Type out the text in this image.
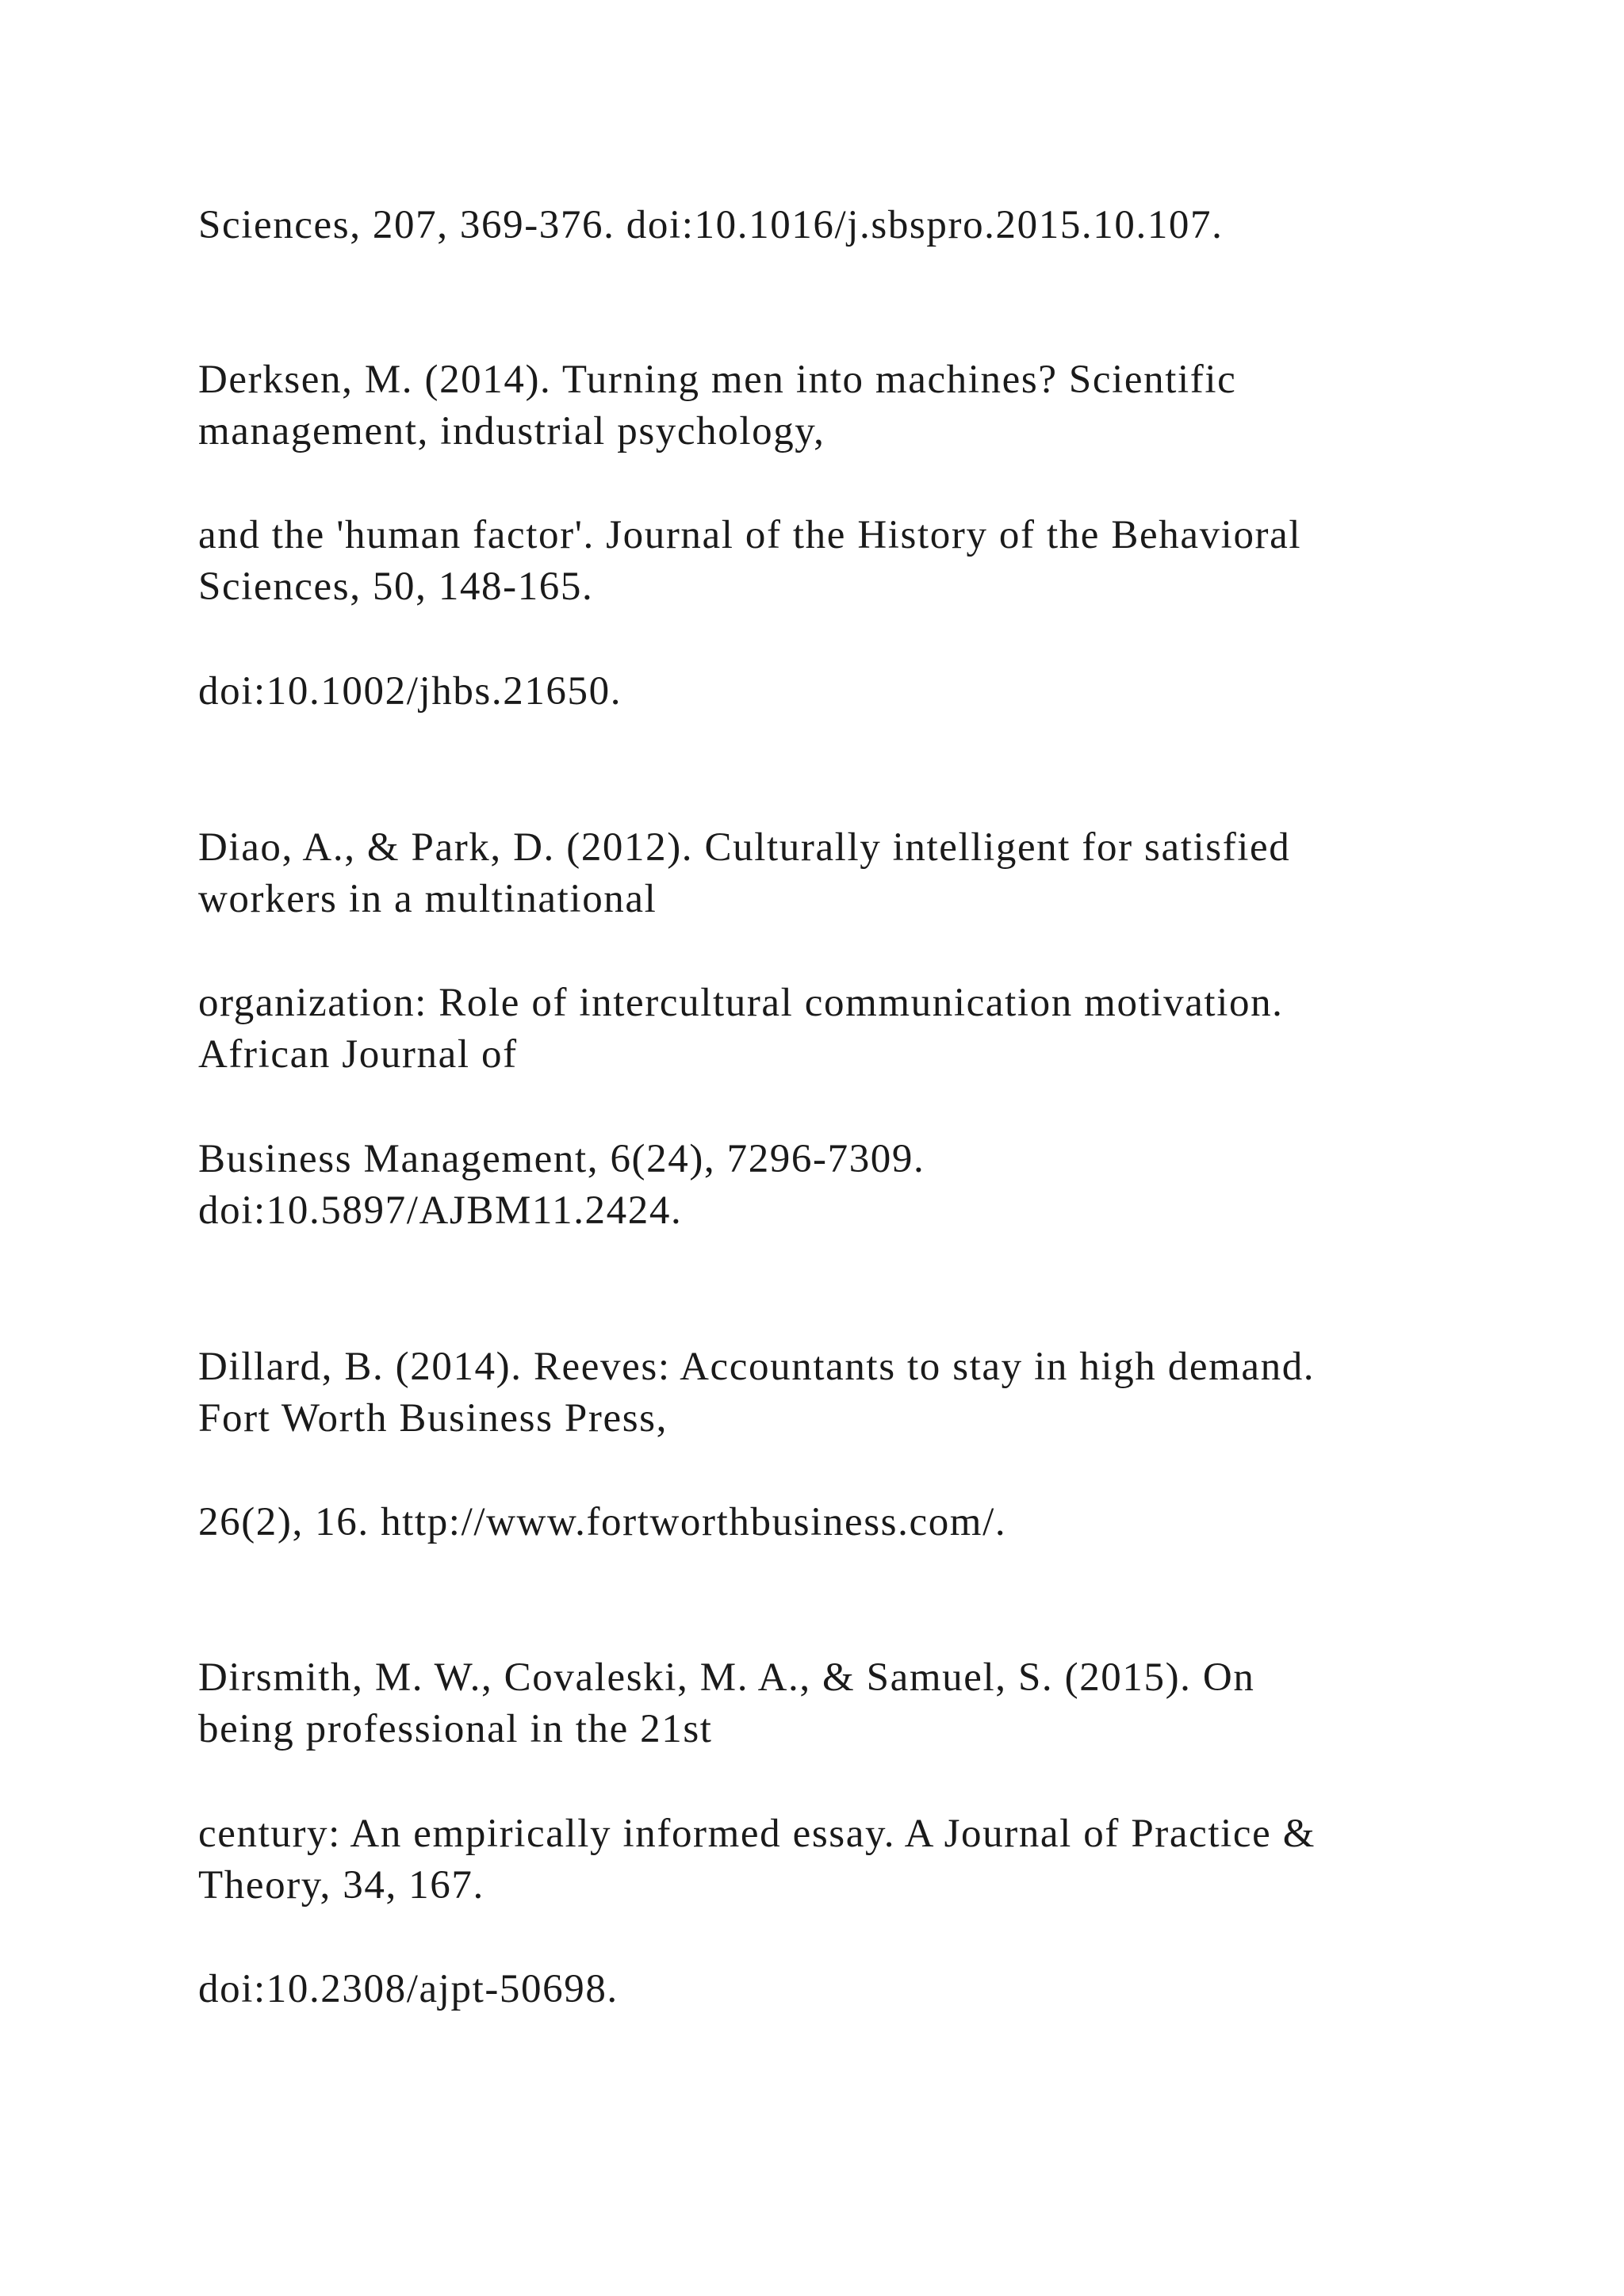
Sciences, 207, 369-376. doi:10.1016/j.sbspro.2015.10.107.

Derksen, M. (2014). Turning men into machines? Scientific

management, industrial psychology,

and the 'human factor'. Journal of the History of the Behavioral

Sciences, 50, 148-165.

doi:10.1002/jhbs.21650.

Diao, A., & Park, D. (2012). Culturally intelligent for satisfied

workers in a multinational

organization: Role of intercultural communication motivation.

African Journal of

Business Management, 6(24), 7296-7309.

doi:10.5897/AJBM11.2424.

Dillard, B. (2014). Reeves: Accountants to stay in high demand.

Fort Worth Business Press,

26(2), 16. http://www.fortworthbusiness.com/.

Dirsmith, M. W., Covaleski, M. A., & Samuel, S. (2015). On

being professional in the 21st

century: An empirically informed essay. A Journal of Practice &

Theory, 34, 167.

doi:10.2308/ajpt-50698.
